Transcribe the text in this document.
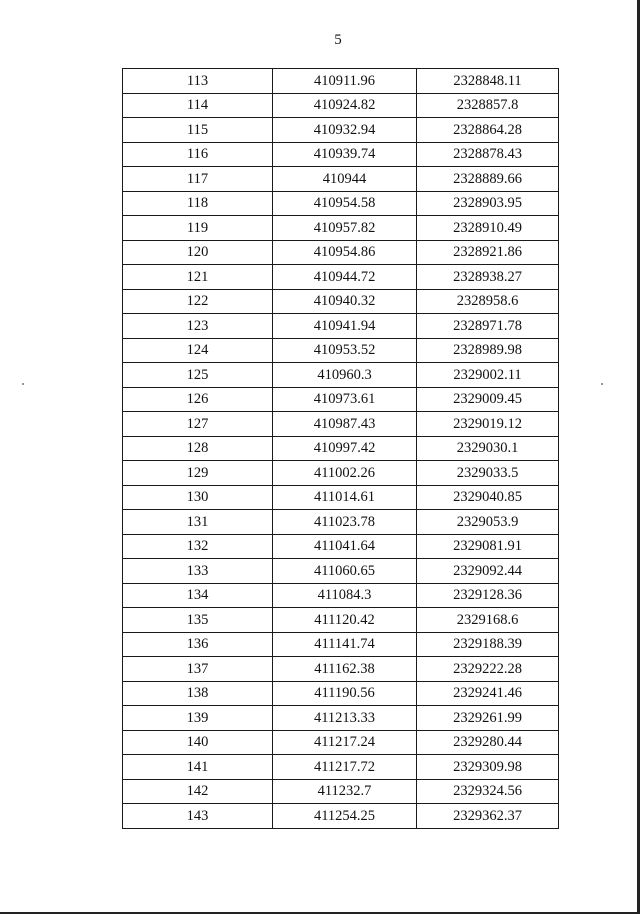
5
113	410911.96	2328848.11
114	410924.82	2328857.8
115	410932.94	2328864.28
116	410939.74	2328878.43
117	410944	2328889.66
118	410954.58	2328903.95
119	410957.82	2328910.49
120	410954.86	2328921.86
121	410944.72	2328938.27
122	410940.32	2328958.6
123	410941.94	2328971.78
124	410953.52	2328989.98
125	410960.3	2329002.11
126	410973.61	2329009.45
127	410987.43	2329019.12
128	410997.42	2329030.1
129	411002.26	2329033.5
130	411014.61	2329040.85
131	411023.78	2329053.9
132	411041.64	2329081.91
133	411060.65	2329092.44
134	411084.3	2329128.36
135	411120.42	2329168.6
136	411141.74	2329188.39
137	411162.38	2329222.28
138	411190.56	2329241.46
139	411213.33	2329261.99
140	411217.24	2329280.44
141	411217.72	2329309.98
142	411232.7	2329324.56
143	411254.25	2329362.37
